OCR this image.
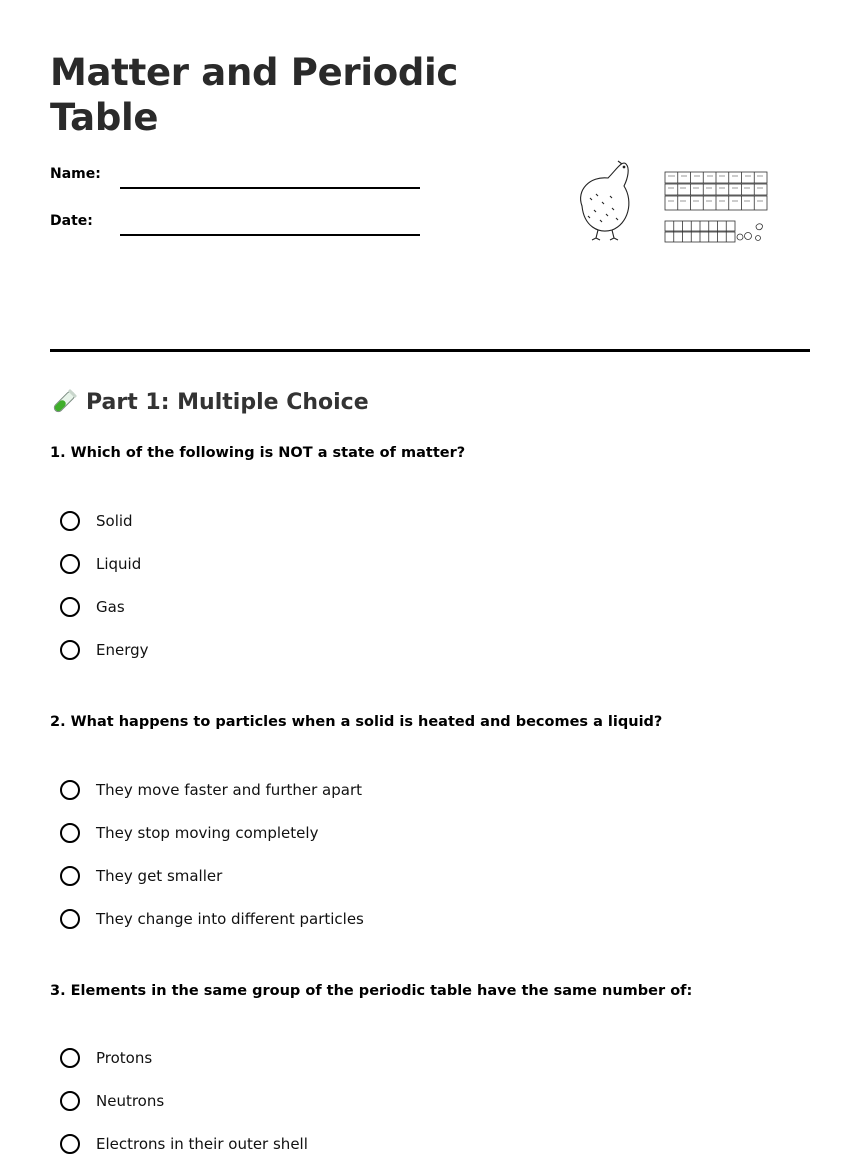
Matter and Periodic Table
Name:
Date:
Part 1: Multiple Choice
1. Which of the following is NOT a state of matter?
Solid
Liquid
Gas
Energy
2. What happens to particles when a solid is heated and becomes a liquid?
They move faster and further apart
They stop moving completely
They get smaller
They change into different particles
3. Elements in the same group of the periodic table have the same number of:
Protons
Neutrons
Electrons in their outer shell
